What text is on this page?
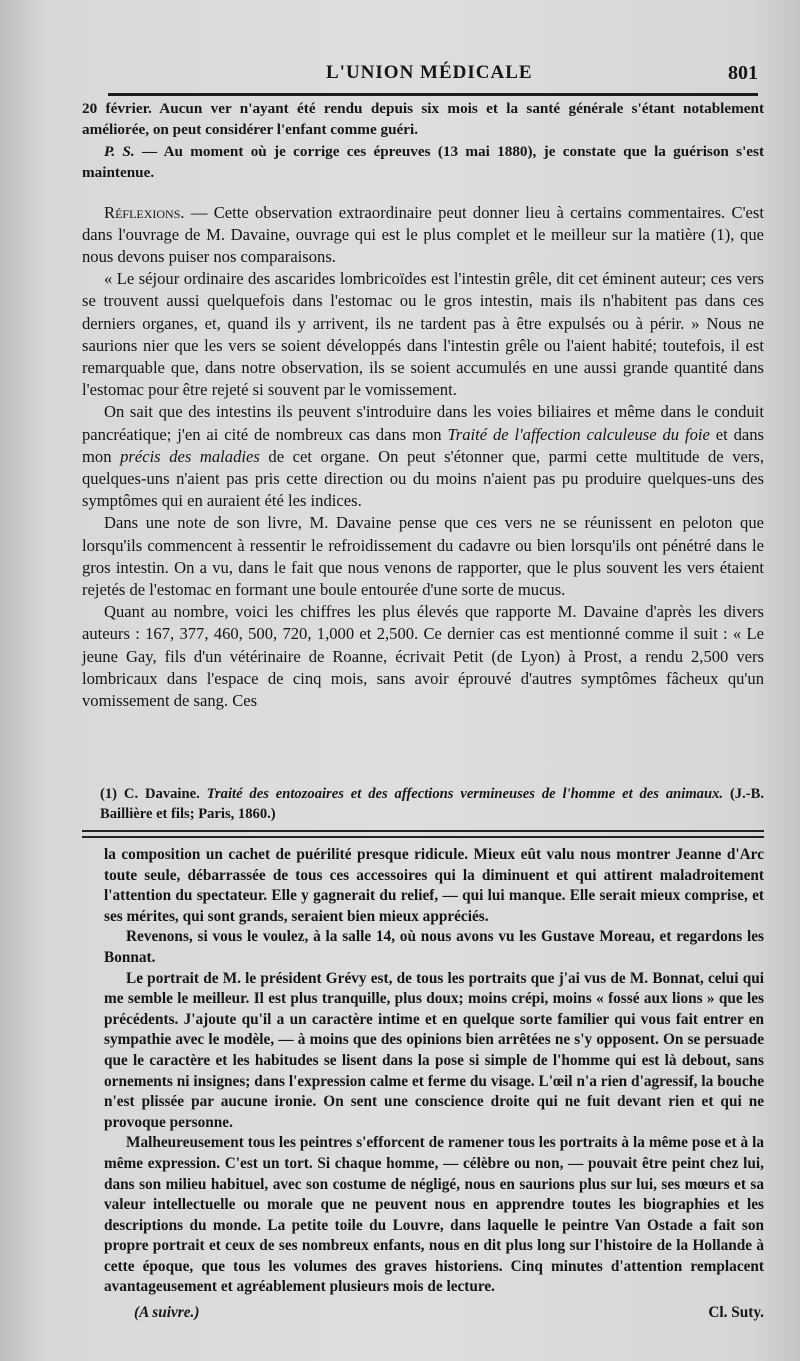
L'UNION MÉDICALE	801

20 février. Aucun ver n'ayant été rendu depuis six mois et la santé générale s'étant notablement améliorée, on peut considérer l'enfant comme guéri.

P. S. — Au moment où je corrige ces épreuves (13 mai 1880), je constate que la guérison s'est maintenue.

Réflexions. — Cette observation extraordinaire peut donner lieu à certains commentaires. C'est dans l'ouvrage de M. Davaine, ouvrage qui est le plus complet et le meilleur sur la matière (1), que nous devons puiser nos comparaisons.

« Le séjour ordinaire des ascarides lombricoïdes est l'intestin grêle, dit cet éminent auteur; ces vers se trouvent aussi quelquefois dans l'estomac ou le gros intestin, mais ils n'habitent pas dans ces derniers organes, et, quand ils y arrivent, ils ne tardent pas à être expulsés ou à périr. » Nous ne saurions nier que les vers se soient développés dans l'intestin grêle ou l'aient habité; toutefois, il est remarquable que, dans notre observation, ils se soient accumulés en une aussi grande quantité dans l'estomac pour être rejeté si souvent par le vomissement.

On sait que des intestins ils peuvent s'introduire dans les voies biliaires et même dans le conduit pancréatique; j'en ai cité de nombreux cas dans mon Traité de l'affection calculeuse du foie et dans mon précis des maladies de cet organe. On peut s'étonner que, parmi cette multitude de vers, quelques-uns n'aient pas pris cette direction ou du moins n'aient pas pu produire quelques-uns des symptômes qui en auraient été les indices.

Dans une note de son livre, M. Davaine pense que ces vers ne se réunissent en peloton que lorsqu'ils commencent à ressentir le refroidissement du cadavre ou bien lorsqu'ils ont pénétré dans le gros intestin. On a vu, dans le fait que nous venons de rapporter, que le plus souvent les vers étaient rejetés de l'estomac en formant une boule entourée d'une sorte de mucus.

Quant au nombre, voici les chiffres les plus élevés que rapporte M. Davaine d'après les divers auteurs : 167, 377, 460, 500, 720, 1,000 et 2,500. Ce dernier cas est mentionné comme il suit : « Le jeune Gay, fils d'un vétérinaire de Roanne, écrivait Petit (de Lyon) à Prost, a rendu 2,500 vers lombricaux dans l'espace de cinq mois, sans avoir éprouvé d'autres symptômes fâcheux qu'un vomissement de sang. Ces

(1) C. Davaine. Traité des entozoaires et des affections vermineuses de l'homme et des animaux. (J.-B. Baillière et fils; Paris, 1860.)

la composition un cachet de puérilité presque ridicule. Mieux eût valu nous montrer Jeanne d'Arc toute seule, débarrassée de tous ces accessoires qui la diminuent et qui attirent maladroitement l'attention du spectateur. Elle y gagnerait du relief, — qui lui manque. Elle serait mieux comprise, et ses mérites, qui sont grands, seraient bien mieux appréciés.

Revenons, si vous le voulez, à la salle 14, où nous avons vu les Gustave Moreau, et regardons les Bonnat.

Le portrait de M. le président Grévy est, de tous les portraits que j'ai vus de M. Bonnat, celui qui me semble le meilleur. Il est plus tranquille, plus doux; moins crépi, moins « fossé aux lions » que les précédents. J'ajoute qu'il a un caractère intime et en quelque sorte familier qui vous fait entrer en sympathie avec le modèle, — à moins que des opinions bien arrêtées ne s'y opposent. On se persuade que le caractère et les habitudes se lisent dans la pose si simple de l'homme qui est là debout, sans ornements ni insignes; dans l'expression calme et ferme du visage. L'œil n'a rien d'agressif, la bouche n'est plissée par aucune ironie. On sent une conscience droite qui ne fuit devant rien et qui ne provoque personne.

Malheureusement tous les peintres s'efforcent de ramener tous les portraits à la même pose et à la même expression. C'est un tort. Si chaque homme, — célèbre ou non, — pouvait être peint chez lui, dans son milieu habituel, avec son costume de négligé, nous en saurions plus sur lui, ses mœurs et sa valeur intellectuelle ou morale que ne peuvent nous en apprendre toutes les biographies et les descriptions du monde. La petite toile du Louvre, dans laquelle le peintre Van Ostade a fait son propre portrait et ceux de ses nombreux enfants, nous en dit plus long sur l'histoire de la Hollande à cette époque, que tous les volumes des graves historiens. Cinq minutes d'attention remplacent avantageusement et agréablement plusieurs mois de lecture.

(A suivre.)	Cl. Suty.
